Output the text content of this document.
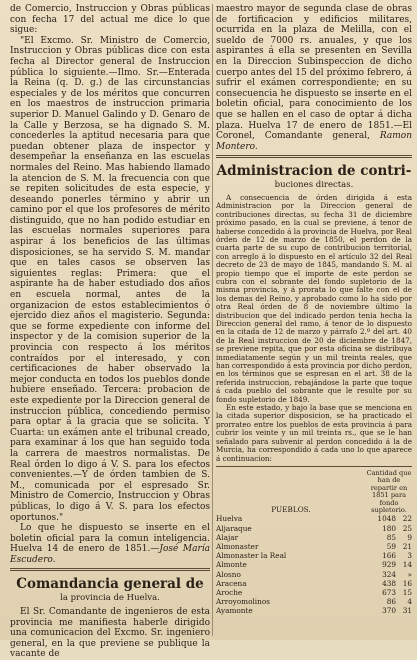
de Comercio, Instruccion y Obras públicas con fecha 17 del actual me dice lo que sigue:

"El Excmo. Sr. Ministro de Comercio, Instruccion y Obras públicas dice con esta fecha al Director general de Instruccion pública lo siguiente.—Ilmo. Sr.—Enterada la Reina (q. D. g.) de las circunstancias especiales y de los méritos que concurren en los maestros de instruccion primaria superior D. Manuel Galindo y D. Genaro de la Calle y Berzosa, se ha dignado S. M. concederles la aptitud necesaria para que puedan obtener plaza de inspector y desempeñar la enseñanza en las escuelas normales del Reino. Mas habiendo llamado la atencion de S. M. la frecuencia con que se repiten solicitudes de esta especie, y deseando ponerles término y abrir un camino por el que los profesores de mérito distinguido, que no han podido estudiar en las escuelas normales superiores para aspirar á los beneficios de las últimas disposiciones, se ha servido S. M. mandar que en tales casos se observen las siguientes reglas: Primera: que el aspirante ha de haber estudiado dos años en escuela normal, antes de la organizacion de estos establecimientos ó ejercido diez años el magisterio. Segunda: que se forme expediente con informe del inspector y de la comision superior de la provincia con respecto á los méritos contraídos por el interesado, y con certificaciones de haber observado la mejor conducta en todos los pueblos donde hubiere enseñado. Tercera: probacion de este expediente por la Direccion general de instruccion pública, concediendo permiso para optar á la gracia que se solicita. Y Cuarta: un exámen ante el tribunal creado, para examinar á los que han seguido toda la carrera de maestros normalistas. De Real órden lo digo á V. S. para los efectos convenientes.—Y de órden tambien de S. M., comunicada por el espresado Sr. Ministro de Comercio, Instruccion y Obras públicas, lo digo á V. S. para los efectos oportunos."

Lo que he dispuesto se inserte en el boletin oficial para la comun inteligencia. Huelva 14 de enero de 1851.—José María Escudero.

Comandancia general de

la provincia de Huelva.

El Sr. Comandante de ingenieros de esta provincia me manifiesta haberle dirigido una comunicacion del Excmo. Sr. ingeniero general, en la que previene se publique la vacante de

maestro mayor de segunda clase de obras de fortificacion y edificios militares, ocurrida en la plaza de Melilla, con el sueldo de 7000 rs. anuales, y que los aspirantes á ella se presenten en Sevilla en la Direccion Subinspeccion de dicho cuerpo antes del 15 del próximo febrero, á sufrir el exámen correspondiente; en su consecuencia he dispuesto se inserte en el boletin oficial, para conocimiento de los que se hallen en el caso de optar á dicha plaza. Huelva 17 de enero de 1851.—El Coronel, Comandante general, Ramon Montero.

Administracion de contri-

buciones directas.

A consecuencia de órden dirigida á esta Administracion por la Direccion general de contribuciones directas, su fecha 31 de diciembre próximo pasado, en la cual se previene, á tenor de haberse concedido á la provincia de Huelva, por Real órden de 12 de marzo de 1850, el perdon de la cuarta parte de su cupo de contribucion territorial, con arreglo á lo dispuesto en el artículo 32 del Real decreto de 23 de mayo de 1845, mandando S. M. al propio tiempo que el importe de este perdon se cubra con el sobrante del fondo supletorio de la misma provincia, y á prorata lo que falte con el de los demas del Reino, y aprobado como lo ha sido por otra Real órden de 8 de noviembre último la distribucion que del indicado perdon tenia hecha la Direccion general del ramo, á tenor de lo dispuesto en la citada de 12 de marzo y párrafo 2.º del art. 40 de la Real instruccion de 20 de diciembre de 1847, se previene repita, que por esta oficina se distribuya inmediatamente según y un mil treinta reales, que han correspondido á esta provincia por dicho perdon, en los términos que se espresan en el art. 38 de la referida instruccion, rebajándose la parte que toque á cada pueblo del sobrante que le resulte por su fondo supletorio de 1849.

En este estado, y bajo la base que se menciona en la citada superior disposicion, se ha practicado el prorrateo entre los pueblos de esta provincia á para cubrir los veinte y un mil treinta rs., que se le han señalado para subvenir al perdon concedido á la de Murcia, ha correspondido á cada uno lo que aparece á continuacion:

PUEBLOS.	Cantidad que han de repartir en 1851 para fondo supletorio.	
Huelva	1048	22
Aljaraque	180	25
Alajar	85	9
Almonaster	59	21
Almonaster la Real	166	3
Almonte	929	14
Alosno	324	»
Aracena	438	16
Aroche	673	15
Arroyomolinos	86	4
Ayamonte	370	31
